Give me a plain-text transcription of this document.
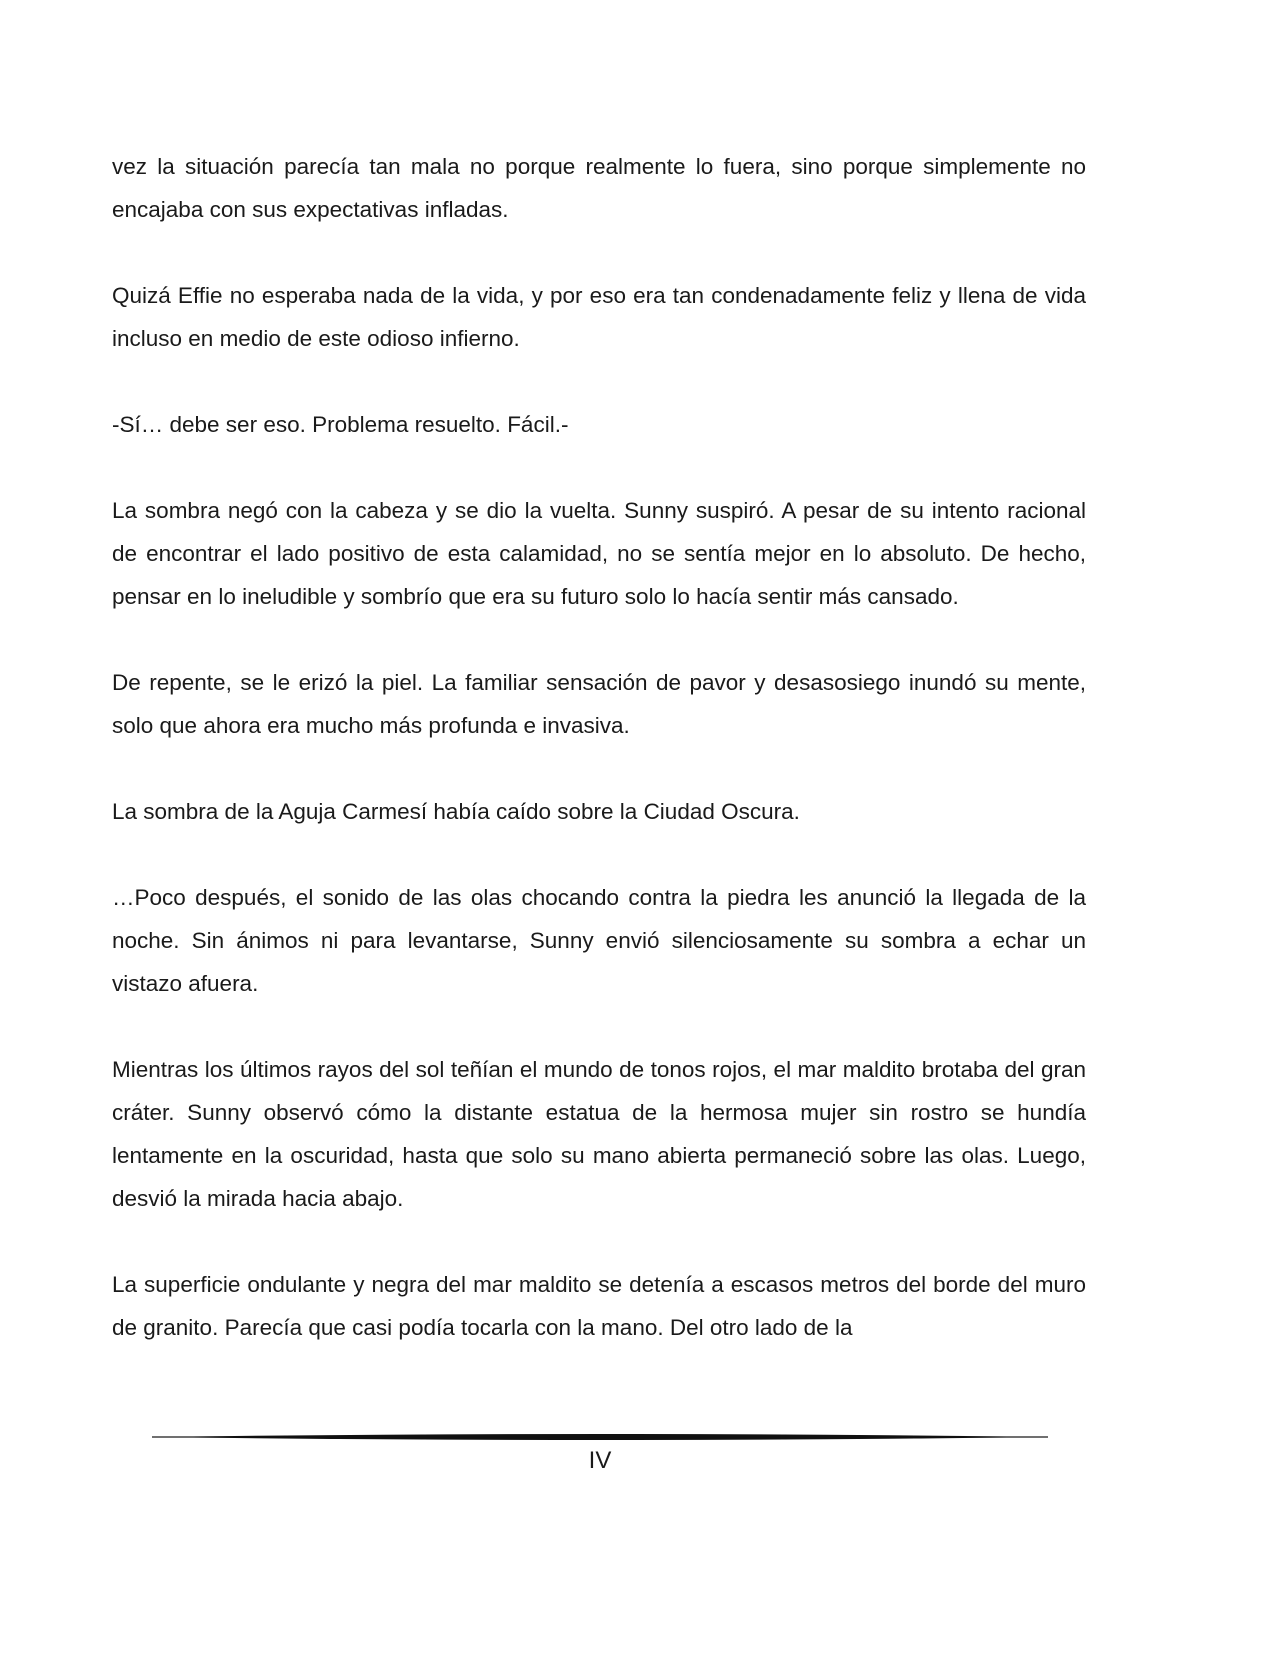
vez la situación parecía tan mala no porque realmente lo fuera, sino porque simplemente no encajaba con sus expectativas infladas.

Quizá Effie no esperaba nada de la vida, y por eso era tan condenadamente feliz y llena de vida incluso en medio de este odioso infierno.

-Sí… debe ser eso. Problema resuelto. Fácil.-

La sombra negó con la cabeza y se dio la vuelta. Sunny suspiró. A pesar de su intento racional de encontrar el lado positivo de esta calamidad, no se sentía mejor en lo absoluto. De hecho, pensar en lo ineludible y sombrío que era su futuro solo lo hacía sentir más cansado.

De repente, se le erizó la piel. La familiar sensación de pavor y desasosiego inundó su mente, solo que ahora era mucho más profunda e invasiva.

La sombra de la Aguja Carmesí había caído sobre la Ciudad Oscura.

…Poco después, el sonido de las olas chocando contra la piedra les anunció la llegada de la noche. Sin ánimos ni para levantarse, Sunny envió silenciosamente su sombra a echar un vistazo afuera.

Mientras los últimos rayos del sol teñían el mundo de tonos rojos, el mar maldito brotaba del gran cráter. Sunny observó cómo la distante estatua de la hermosa mujer sin rostro se hundía lentamente en la oscuridad, hasta que solo su mano abierta permaneció sobre las olas. Luego, desvió la mirada hacia abajo.

La superficie ondulante y negra del mar maldito se detenía a escasos metros del borde del muro de granito. Parecía que casi podía tocarla con la mano. Del otro lado de la

IV
